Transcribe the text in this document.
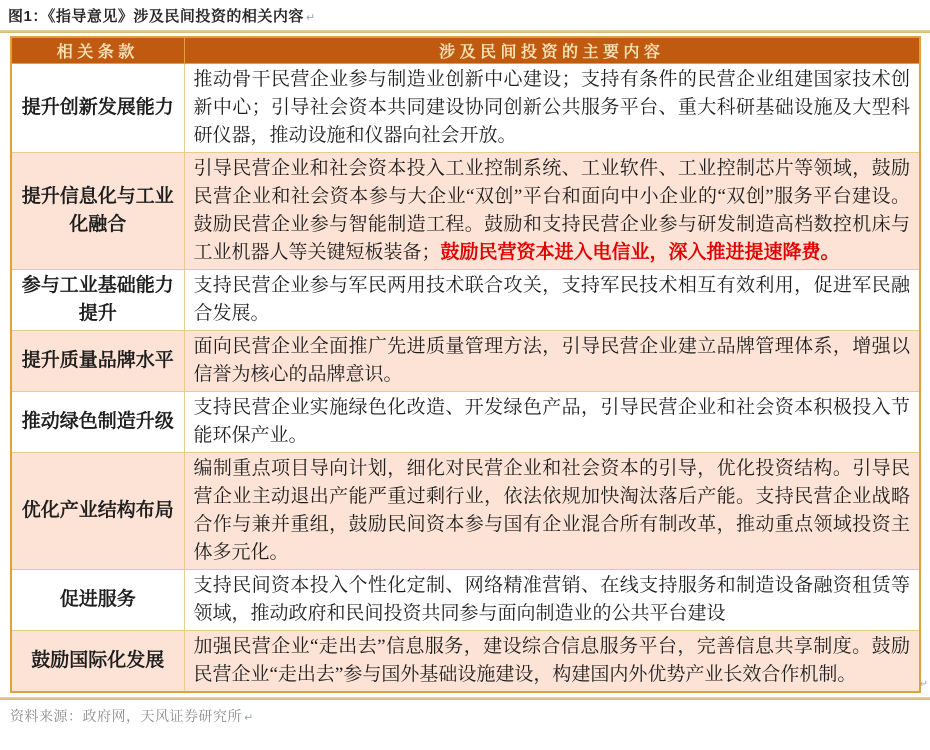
图1：《指导意见》涉及民间投资的相关内容 ↵
相关条款	涉及民间投资的主要内容
提升创新发展能力	推动骨干民营企业参与制造业创新中心建设；支持有条件的民营企业组建国家技术创新中心；引导社会资本共同建设协同创新公共服务平台、重大科研基础设施及大型科研仪器，推动设施和仪器向社会开放。
提升信息化与工业化融合	引导民营企业和社会资本投入工业控制系统、工业软件、工业控制芯片等领域，鼓励民营企业和社会资本参与大企业“双创”平台和面向中小企业的“双创”服务平台建设。鼓励民营企业参与智能制造工程。鼓励和支持民营企业参与研发制造高档数控机床与工业机器人等关键短板装备；鼓励民营资本进入电信业，深入推进提速降费。
参与工业基础能力提升	支持民营企业参与军民两用技术联合攻关，支持军民技术相互有效利用，促进军民融合发展。
提升质量品牌水平	面向民营企业全面推广先进质量管理方法，引导民营企业建立品牌管理体系，增强以信誉为核心的品牌意识。
推动绿色制造升级	支持民营企业实施绿色化改造、开发绿色产品，引导民营企业和社会资本积极投入节能环保产业。
优化产业结构布局	编制重点项目导向计划，细化对民营企业和社会资本的引导，优化投资结构。引导民营企业主动退出产能严重过剩行业，依法依规加快淘汰落后产能。支持民营企业战略合作与兼并重组，鼓励民间资本参与国有企业混合所有制改革，推动重点领域投资主体多元化。
促进服务	支持民间资本投入个性化定制、网络精准营销、在线支持服务和制造设备融资租赁等领域，推动政府和民间投资共同参与面向制造业的公共平台建设
鼓励国际化发展	加强民营企业“走出去”信息服务，建设综合信息服务平台，完善信息共享制度。鼓励民营企业“走出去”参与国外基础设施建设，构建国内外优势产业长效合作机制。	↵
资料来源：政府网，天风证券研究所 ↵
